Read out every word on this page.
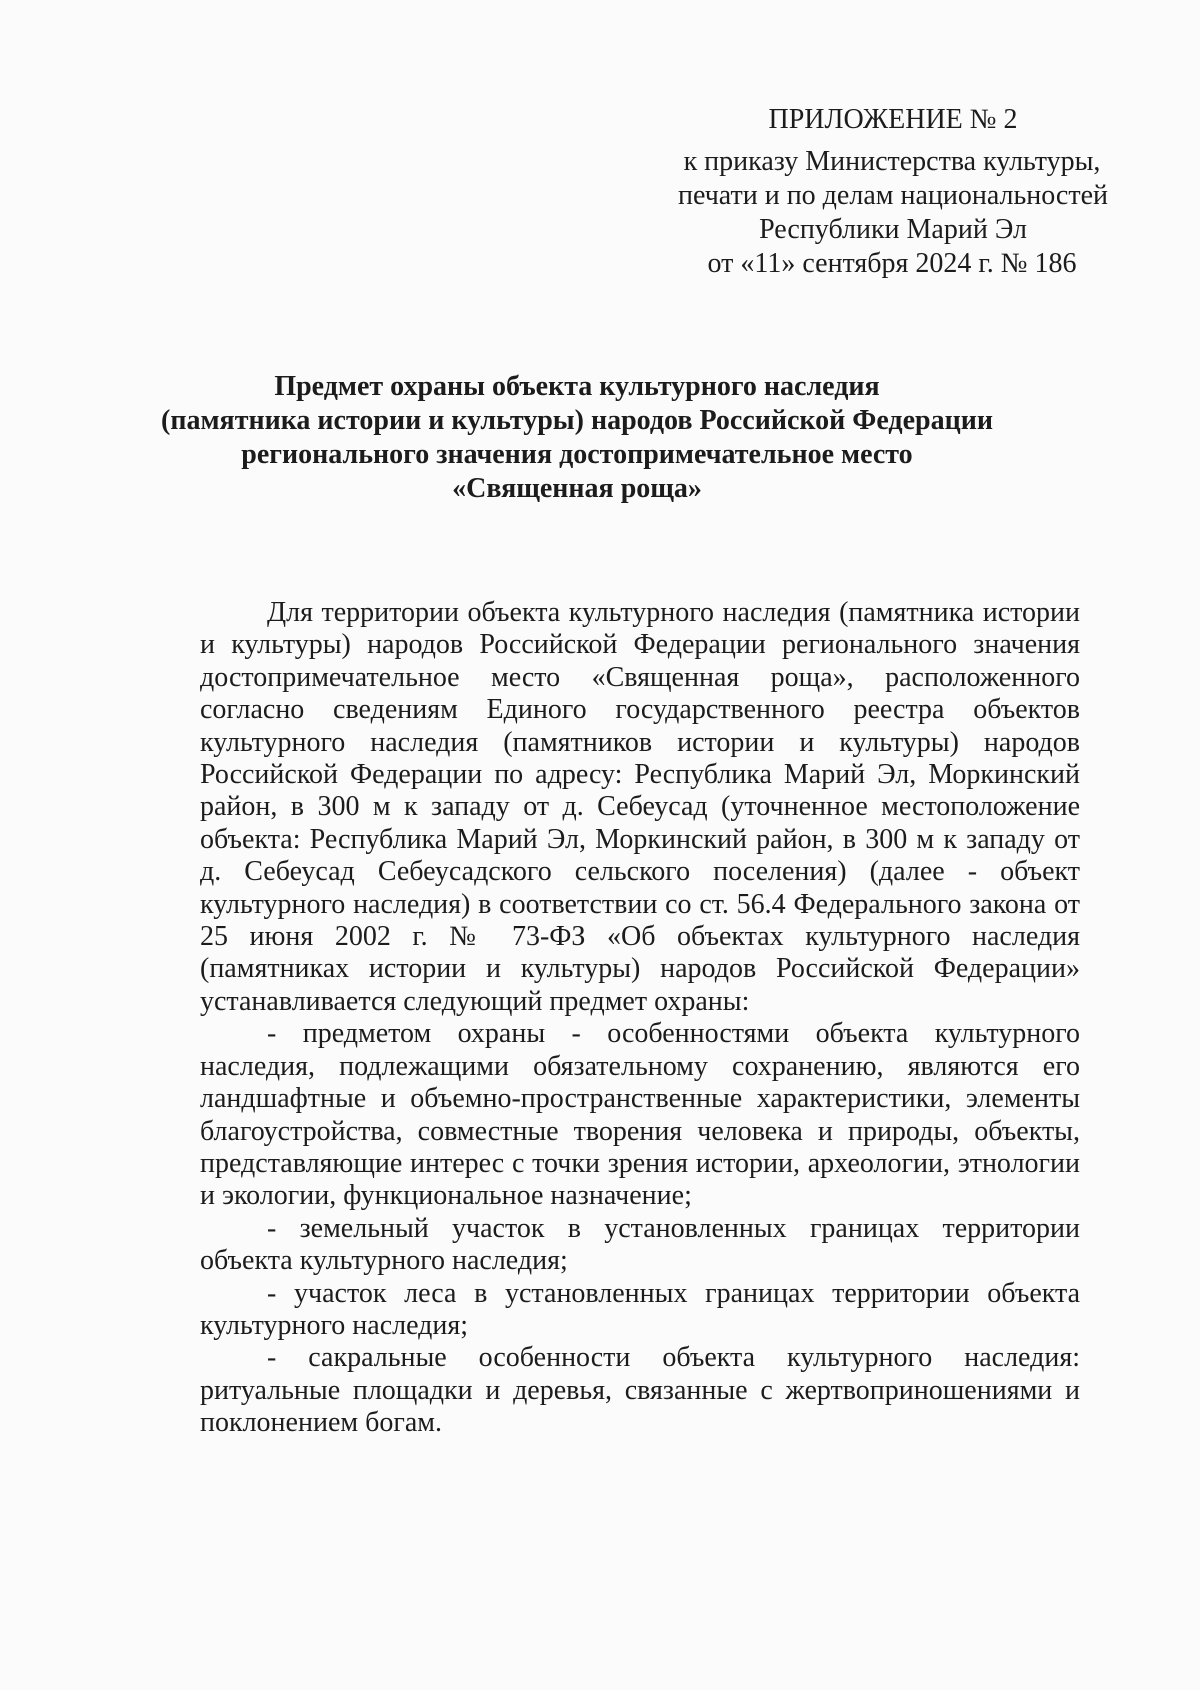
ПРИЛОЖЕНИЕ № 2
к приказу Министерства культуры,
печати и по делам национальностей
Республики Марий Эл
от «11» сентября 2024 г. № 186
Предмет охраны объекта культурного наследия
(памятника истории и культуры) народов Российской Федерации
регионального значения достопримечательное место
«Священная роща»

Для территории объекта культурного наследия (памятника истории и культуры) народов Российской Федерации регионального значения достопримечательное место «Священная роща», расположенного согласно сведениям Единого государственного реестра объектов культурного наследия (памятников истории и культуры) народов Российской Федерации по адресу: Республика Марий Эл, Моркинский район, в 300 м к западу от д. Себеусад (уточненное местоположение объекта: Республика Марий Эл, Моркинский район, в 300 м к западу от д. Себеусад Себеусадского сельского поселения) (далее - объект культурного наследия) в соответствии со ст. 56.4 Федерального закона от 25 июня 2002 г. № 73-ФЗ «Об объектах культурного наследия (памятниках истории и культуры) народов Российской Федерации» устанавливается следующий предмет охраны:

- предметом охраны - особенностями объекта культурного наследия, подлежащими обязательному сохранению, являются его ландшафтные и объемно-пространственные характеристики, элементы благоустройства, совместные творения человека и природы, объекты, представляющие интерес с точки зрения истории, археологии, этнологии и экологии, функциональное назначение;

- земельный участок в установленных границах территории объекта культурного наследия;

- участок леса в установленных границах территории объекта культурного наследия;

- сакральные особенности объекта культурного наследия: ритуальные площадки и деревья, связанные с жертвоприношениями и поклонением богам.
